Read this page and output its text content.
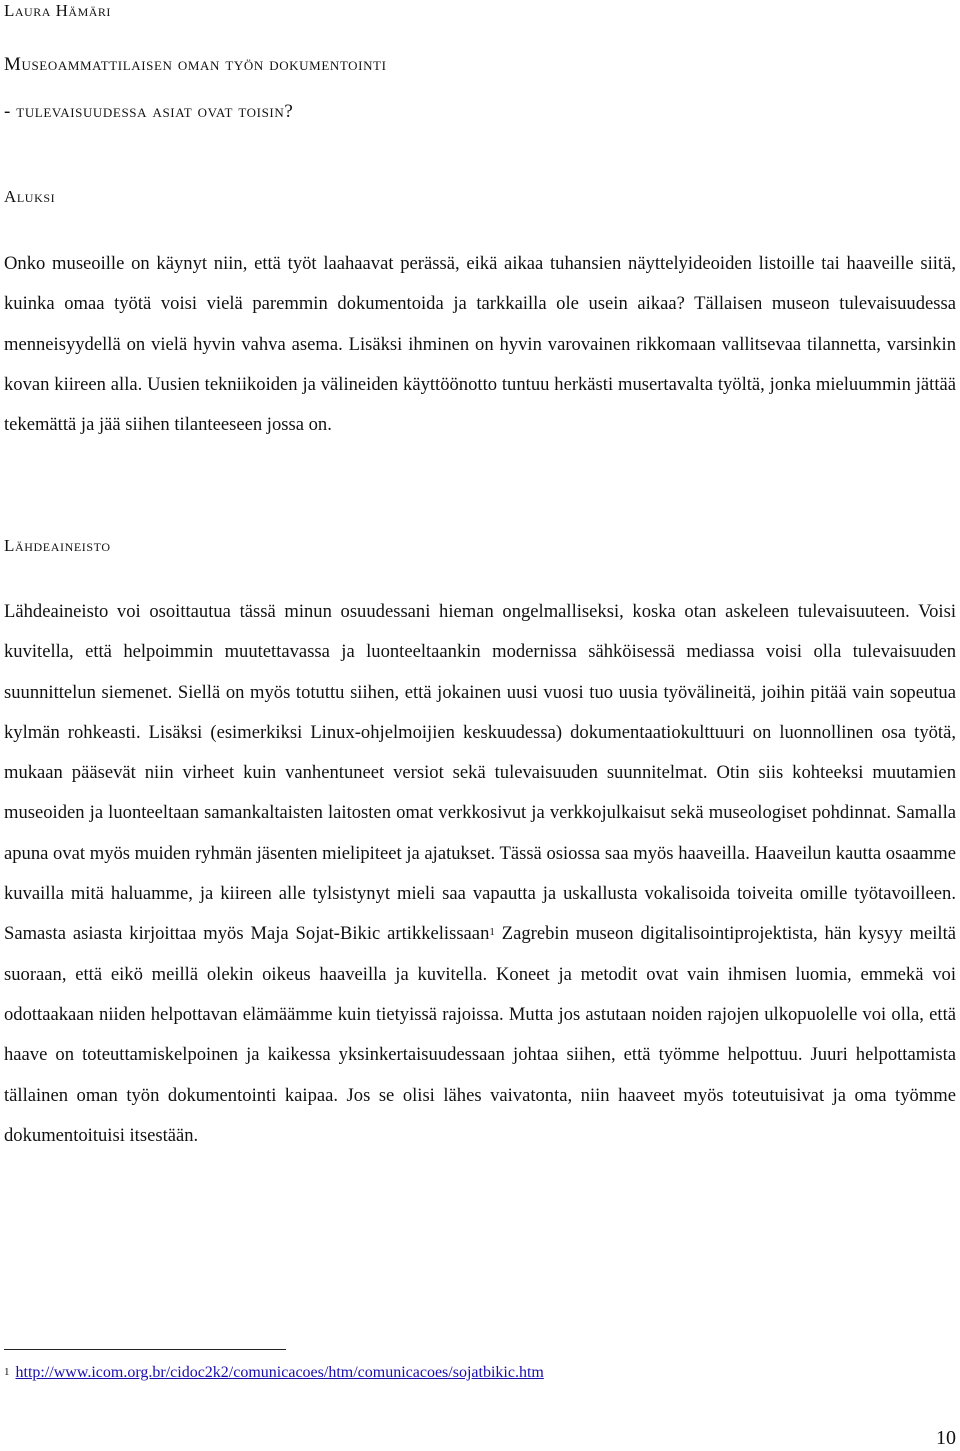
Laura Hämäri
Museoammattilaisen oman työn dokumentointi
- tulevaisuudessa asiat ovat toisin?
Aluksi

Onko museoille on käynyt niin, että työt laahaavat perässä, eikä aikaa tuhansien näyttelyideoiden listoille tai haaveille siitä, kuinka omaa työtä voisi vielä paremmin dokumentoida ja tarkkailla ole usein aikaa? Tällaisen museon tulevaisuudessa menneisyydellä on vielä hyvin vahva asema. Lisäksi ihminen on hyvin varovainen rikkomaan vallitsevaa tilannetta, varsinkin kovan kiireen alla. Uusien tekniikoiden ja välineiden käyttöönotto tuntuu herkästi musertavalta työltä, jonka mieluummin jättää tekemättä ja jää siihen tilanteeseen jossa on.

Lähdeaineisto

Lähdeaineisto voi osoittautua tässä minun osuudessani hieman ongelmalliseksi, koska otan askeleen tulevaisuuteen. Voisi kuvitella, että helpoimmin muutettavassa ja luonteeltaankin modernissa sähköisessä mediassa voisi olla tulevaisuuden suunnittelun siemenet. Siellä on myös totuttu siihen, että jokainen uusi vuosi tuo uusia työvälineitä, joihin pitää vain sopeutua kylmän rohkeasti. Lisäksi (esimerkiksi Linux-ohjelmoijien keskuudessa) dokumentaatiokulttuuri on luonnollinen osa työtä, mukaan pääsevät niin virheet kuin vanhentuneet versiot sekä tulevaisuuden suunnitelmat. Otin siis kohteeksi muutamien museoiden ja luonteeltaan samankaltaisten laitosten omat verkkosivut ja verkkojulkaisut sekä museologiset pohdinnat. Samalla apuna ovat myös muiden ryhmän jäsenten mielipiteet ja ajatukset. Tässä osiossa saa myös haaveilla. Haaveilun kautta osaamme kuvailla mitä haluamme, ja kiireen alle tylsistynyt mieli saa vapautta ja uskallusta vokalisoida toiveita omille työtavoilleen. Samasta asiasta kirjoittaa myös Maja Sojat-Bikic artikkelissaan$^1$ Zagrebin museon digitalisointiprojektista, hän kysyy meiltä suoraan, että eikö meillä olekin oikeus haaveilla ja kuvitella. Koneet ja metodit ovat vain ihmisen luomia, emmekä voi odottaakaan niiden helpottavan elämäämme kuin tietyissä rajoissa. Mutta jos astutaan noiden rajojen ulkopuolelle voi olla, että haave on toteuttamiskelpoinen ja kaikessa yksinkertaisuudessaan johtaa siihen, että työmme helpottuu. Juuri helpottamista tällainen oman työn dokumentointi kaipaa. Jos se olisi lähes vaivatonta, niin haaveet myös toteutuisivat ja oma työmme dokumentoituisi itsestään.

$^1$ http://www.icom.org.br/cidoc2k2/comunicacoes/htm/comunicacoes/sojatbikic.htm
10
